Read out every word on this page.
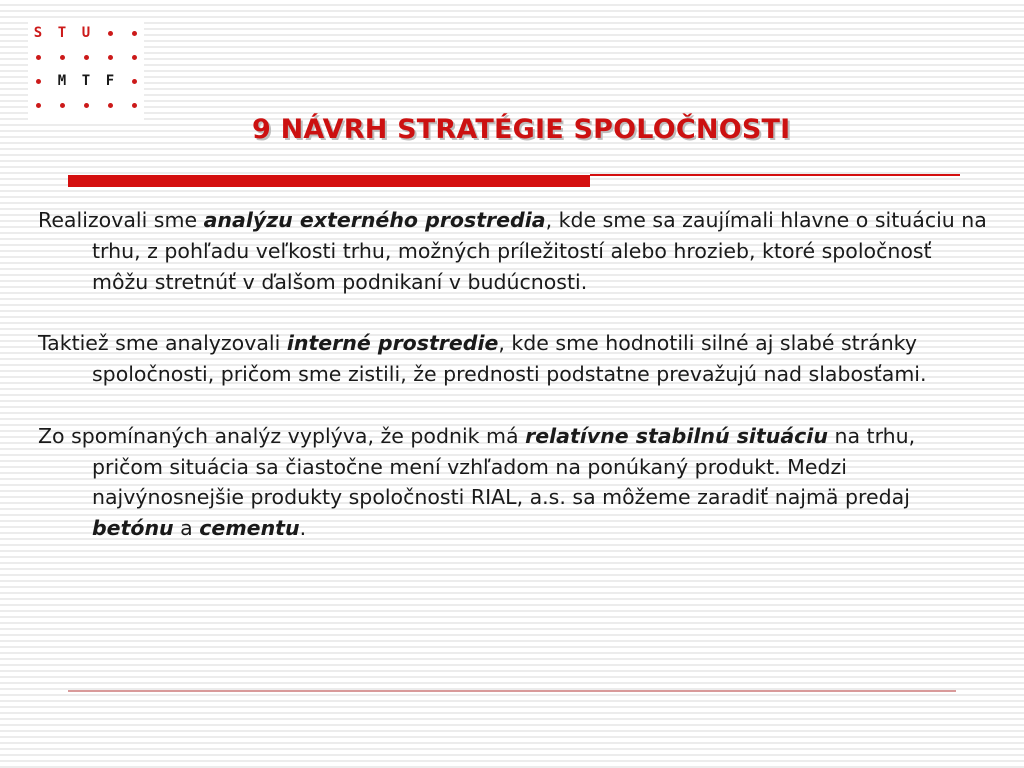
S	T	U
M	T	F
9 NÁVRH STRATÉGIE SPOLOČNOSTI

Realizovali sme analýzu externého prostredia, kde sme sa zaujímali hlavne o situáciu na trhu, z pohľadu veľkosti trhu, možných príležitostí alebo hrozieb, ktoré spoločnosť môžu stretnúť v ďalšom podnikaní v budúcnosti.

Taktiež sme analyzovali interné prostredie, kde sme hodnotili silné aj slabé stránky spoločnosti, pričom sme zistili, že prednosti podstatne prevažujú nad slabosťami.

Zo spomínaných analýz vyplýva, že podnik má relatívne stabilnú situáciu na trhu, pričom situácia sa čiastočne mení vzhľadom na ponúkaný produkt. Medzi najvýnosnejšie produkty spoločnosti RIAL, a.s. sa môžeme zaradiť najmä predaj betónu a cementu.
